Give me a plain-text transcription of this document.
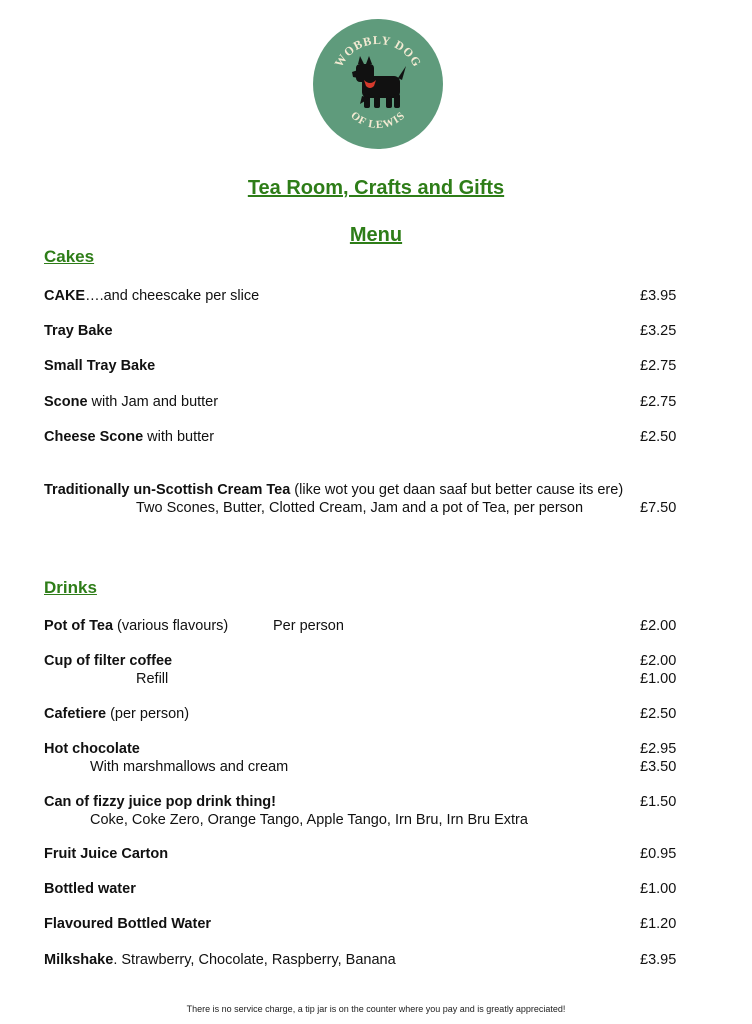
WOBBLY DOG
OF LEWIS
Tea Room, Crafts and Gifts
Menu
Cakes
CAKE….and cheescake per slice	£3.95
Tray Bake	£3.25
Small Tray Bake	£2.75
Scone with Jam and butter	£2.75
Cheese Scone with butter	£2.50
Traditionally un-Scottish Cream Tea (like wot you get daan saaf but better cause its ere)
Two Scones, Butter, Clotted Cream, Jam and a pot of Tea, per person	£7.50
Drinks
Pot of Tea (various flavours)	Per person	£2.00
Cup of filter coffee	£2.00
Refill	£1.00
Cafetiere (per person)	£2.50
Hot chocolate	£2.95
With marshmallows and cream	£3.50
Can of fizzy juice pop drink thing!	£1.50
Coke, Coke Zero, Orange Tango, Apple Tango, Irn Bru, Irn Bru Extra
Fruit Juice Carton	£0.95
Bottled water	£1.00
Flavoured Bottled Water	£1.20
Milkshake. Strawberry, Chocolate, Raspberry, Banana	£3.95
There is no service charge, a tip jar is on the counter where you pay and is greatly appreciated!
